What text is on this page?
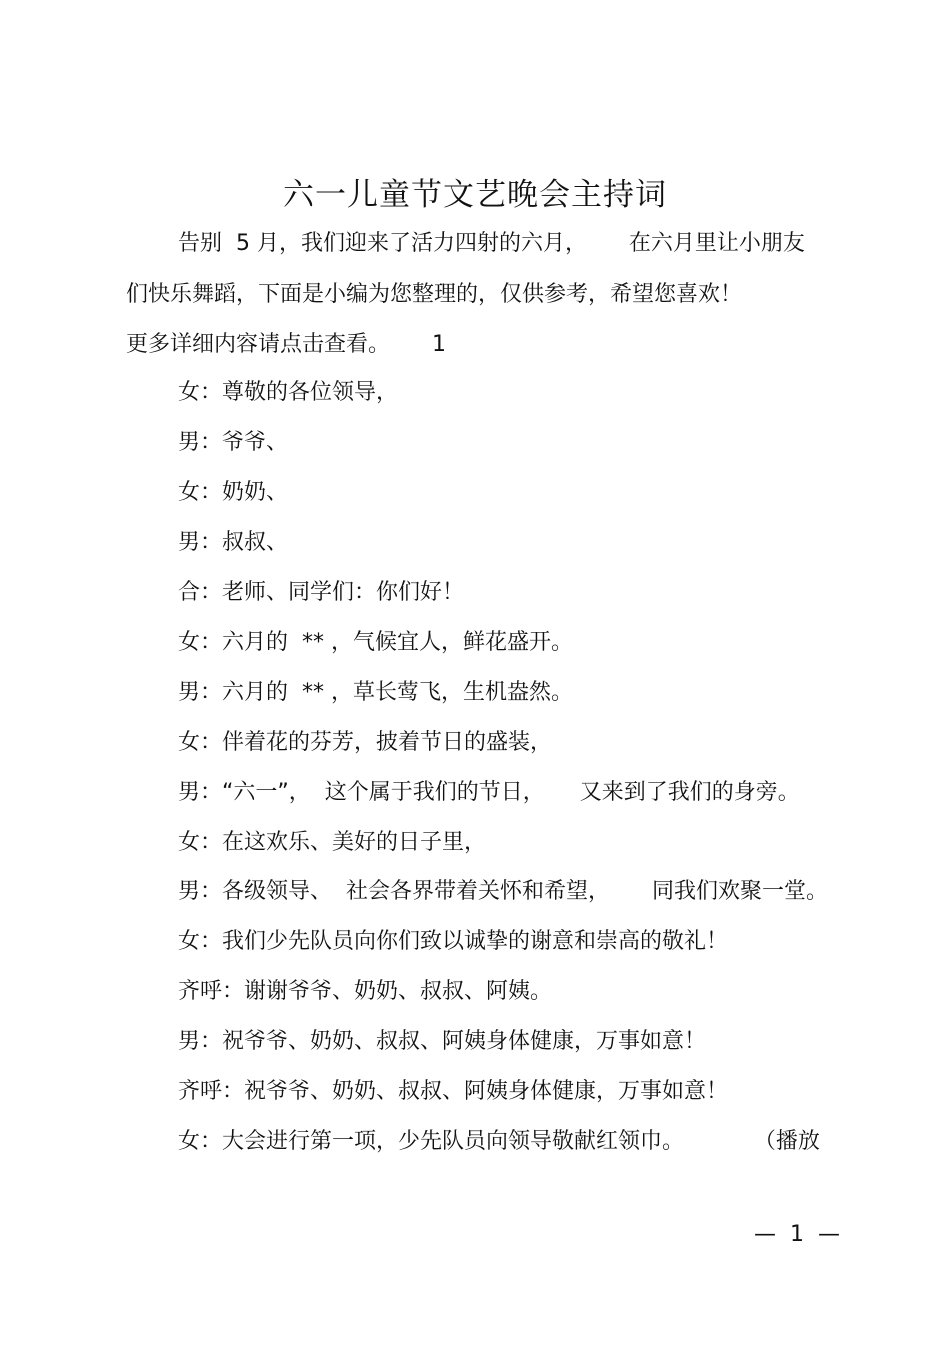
六一儿童节文艺晚会主持词
告别  5 月，我们迎来了活力四射的六月，      在六月里让小朋友
们快乐舞蹈，下面是小编为您整理的，仅供参考，希望您喜欢！
更多详细内容请点击查看。      1
女：尊敬的各位领导，
男：爷爷、
女：奶奶、
男：叔叔、
合：老师、同学们：你们好！
女：六月的  ** ，气候宜人，鲜花盛开。
男：六月的  ** ，草长莺飞，生机盎然。
女：伴着花的芬芳，披着节日的盛装，
男：“六一”，  这个属于我们的节日，     又来到了我们的身旁。
女：在这欢乐、美好的日子里，
男：各级领导、  社会各界带着关怀和希望，      同我们欢聚一堂。
女：我们少先队员向你们致以诚挚的谢意和崇高的敬礼！
齐呼：谢谢爷爷、奶奶、叔叔、阿姨。
男：祝爷爷、奶奶、叔叔、阿姨身体健康，万事如意！
齐呼：祝爷爷、奶奶、叔叔、阿姨身体健康，万事如意！
女：大会进行第一项，少先队员向领导敬献红领巾。          （播放
—  1  —
